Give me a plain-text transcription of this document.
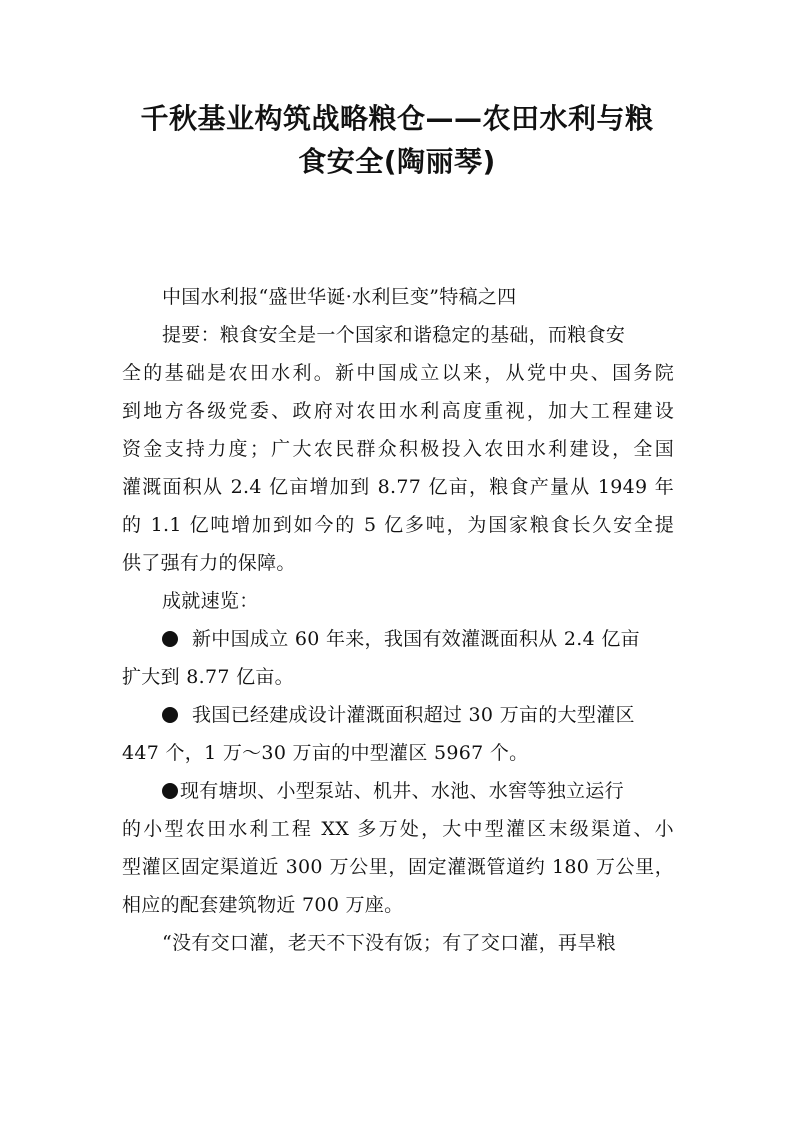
千秋基业构筑战略粮仓——农田水利与粮
食安全(陶丽琴)
中国水利报“盛世华诞·水利巨变”特稿之四
提要：粮食安全是一个国家和谐稳定的基础，而粮食安
全的基础是农田水利。新中国成立以来，从党中央、国务院
到地方各级党委、政府对农田水利高度重视，加大工程建设
资金支持力度；广大农民群众积极投入农田水利建设，全国
灌溉面积从 2.4 亿亩增加到 8.77 亿亩，粮食产量从 1949 年
的 1.1 亿吨增加到如今的 5 亿多吨，为国家粮食长久安全提
供了强有力的保障。
成就速览：
新中国成立 60 年来，我国有效灌溉面积从 2.4 亿亩
扩大到 8.77 亿亩。
我国已经建成设计灌溉面积超过 30 万亩的大型灌区
447 个，1 万～30 万亩的中型灌区 5967 个。
现有塘坝、小型泵站、机井、水池、水窖等独立运行
的小型农田水利工程 XX 多万处，大中型灌区末级渠道、小
型灌区固定渠道近 300 万公里，固定灌溉管道约 180 万公里，
相应的配套建筑物近 700 万座。
“没有交口灌，老天不下没有饭；有了交口灌，再旱粮
